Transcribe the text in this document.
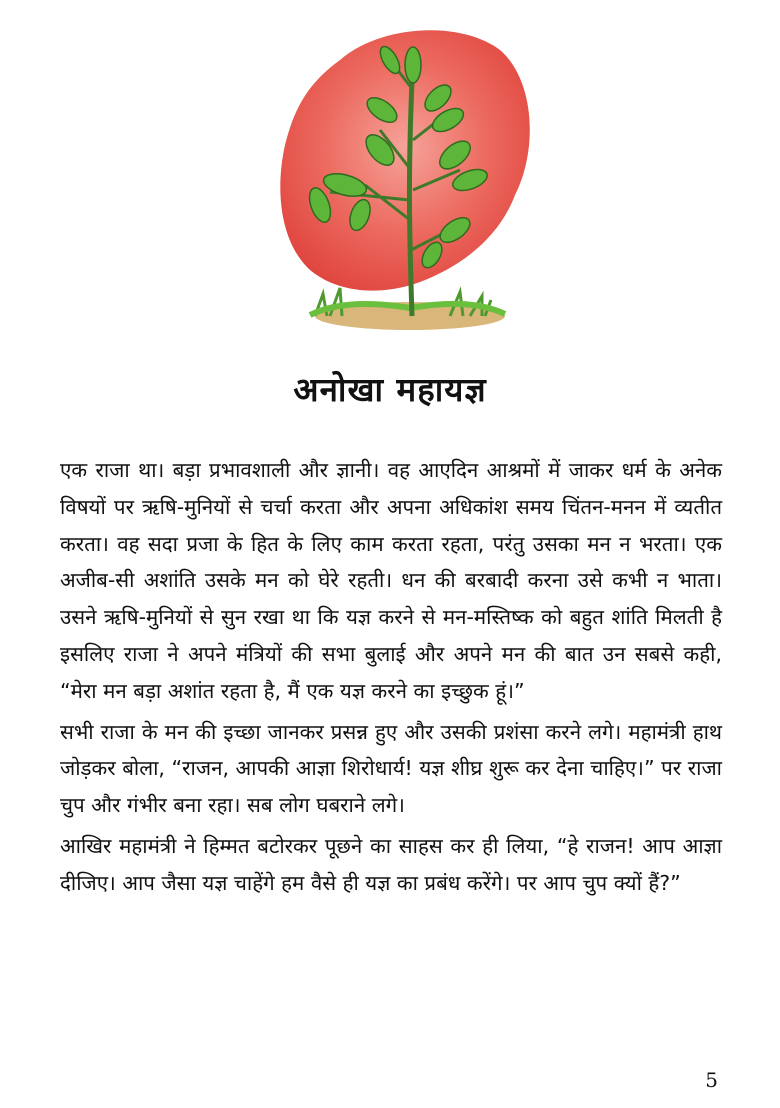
अनोखा महायज्ञ

एक राजा था। बड़ा प्रभावशाली और ज्ञानी। वह आएदिन आश्रमों में जाकर धर्म के अनेक विषयों पर ऋषि-मुनियों से चर्चा करता और अपना अधिकांश समय चिंतन-मनन में व्यतीत करता। वह सदा प्रजा के हित के लिए काम करता रहता, परंतु उसका मन न भरता। एक अजीब-सी अशांति उसके मन को घेरे रहती। धन की बरबादी करना उसे कभी न भाता। उसने ऋषि-मुनियों से सुन रखा था कि यज्ञ करने से मन-मस्तिष्क को बहुत शांति मिलती है इसलिए राजा ने अपने मंत्रियों की सभा बुलाई और अपने मन की बात उन सबसे कही, “मेरा मन बड़ा अशांत रहता है, मैं एक यज्ञ करने का इच्छुक हूं।”

सभी राजा के मन की इच्छा जानकर प्रसन्न हुए और उसकी प्रशंसा करने लगे। महामंत्री हाथ जोड़कर बोला, “राजन, आपकी आज्ञा शिरोधार्य! यज्ञ शीघ्र शुरू कर देना चाहिए।” पर राजा चुप और गंभीर बना रहा। सब लोग घबराने लगे।

आखिर महामंत्री ने हिम्मत बटोरकर पूछने का साहस कर ही लिया, “हे राजन! आप आज्ञा दीजिए। आप जैसा यज्ञ चाहेंगे हम वैसे ही यज्ञ का प्रबंध करेंगे। पर आप चुप क्यों हैं?”

5
